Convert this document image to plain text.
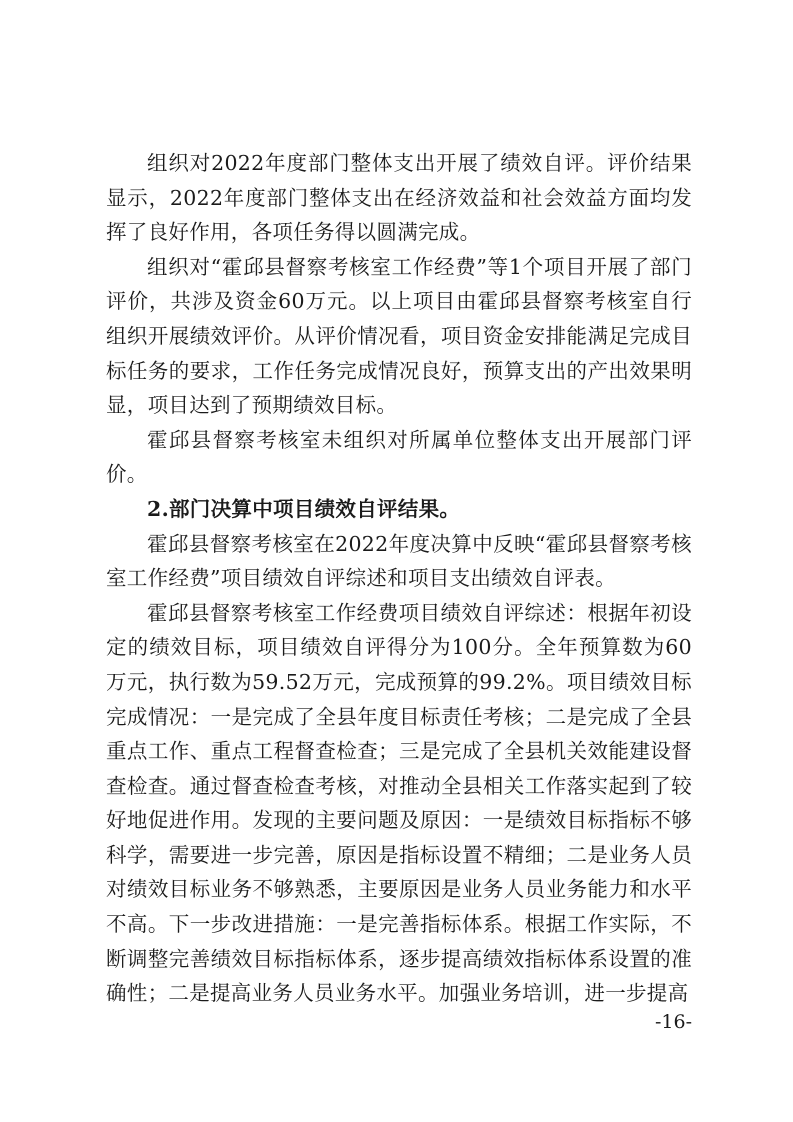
组织对2022年度部门整体支出开展了绩效自评。评价结果显示，2022年度部门整体支出在经济效益和社会效益方面均发挥了良好作用，各项任务得以圆满完成。

组织对“霍邱县督察考核室工作经费”等1个项目开展了部门评价，共涉及资金60万元。以上项目由霍邱县督察考核室自行组织开展绩效评价。从评价情况看，项目资金安排能满足完成目标任务的要求，工作任务完成情况良好，预算支出的产出效果明显，项目达到了预期绩效目标。

霍邱县督察考核室未组织对所属单位整体支出开展部门评价。

2.部门决算中项目绩效自评结果。

霍邱县督察考核室在2022年度决算中反映“霍邱县督察考核室工作经费”项目绩效自评综述和项目支出绩效自评表。

霍邱县督察考核室工作经费项目绩效自评综述：根据年初设定的绩效目标，项目绩效自评得分为100分。全年预算数为60万元，执行数为59.52万元，完成预算的99.2%。项目绩效目标完成情况：一是完成了全县年度目标责任考核；二是完成了全县重点工作、重点工程督查检查；三是完成了全县机关效能建设督查检查。通过督查检查考核，对推动全县相关工作落实起到了较好地促进作用。发现的主要问题及原因：一是绩效目标指标不够科学，需要进一步完善，原因是指标设置不精细；二是业务人员对绩效目标业务不够熟悉，主要原因是业务人员业务能力和水平不高。下一步改进措施：一是完善指标体系。根据工作实际，不断调整完善绩效目标指标体系，逐步提高绩效指标体系设置的准确性；二是提高业务人员业务水平。加强业务培训，进一步提高

-16-
